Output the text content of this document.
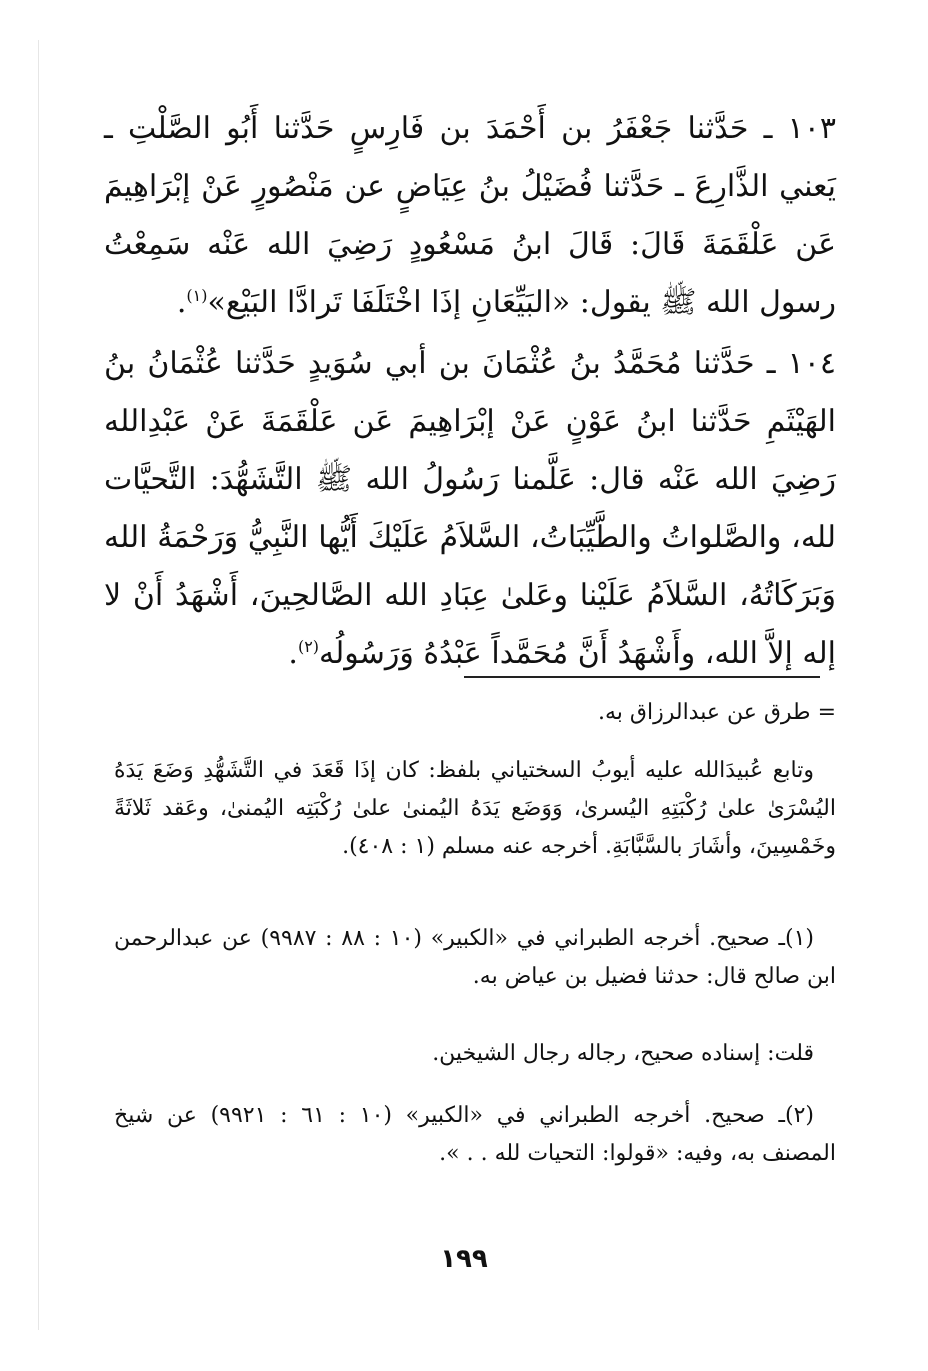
١٠٣ ـ حَدَّثنا جَعْفَرُ بن أَحْمَدَ بن فَارِسٍ حَدَّثنا أَبُو الصَّلْتِ ـ يَعني الذَّارِعَ ـ حَدَّثنا فُضَيْلُ بنُ عِيَاضٍ عن مَنْصُورٍ عَنْ إبْرَاهِيمَ عَن عَلْقَمَةَ قَالَ: قَالَ ابنُ مَسْعُودٍ رَضِيَ الله عَنْه سَمِعْتُ رسول الله ﷺ يقول: «البَيِّعَانِ إذَا اخْتَلَفَا تَرادَّا البَيْع»$^{(١)}$.

١٠٤ ـ حَدَّثنا مُحَمَّدُ بنُ عُثْمَانَ بن أبي سُوَيدٍ حَدَّثنا عُثْمَانُ بنُ الهَيْثَمِ حَدَّثنا ابنُ عَوْنٍ عَنْ إبْرَاهِيمَ عَن عَلْقَمَةَ عَنْ عَبْدِالله رَضِيَ الله عَنْه قال: عَلَّمنا رَسُولُ الله ﷺ التَّشَهُّدَ: التَّحيَّات لله، والصَّلواتُ والطَّيِّبَاتُ، السَّلاَمُ عَلَيْكَ أَيُّها النَّبِيُّ وَرَحْمَةُ الله وَبَرَكَاتُهُ، السَّلاَمُ عَلَيْنا وعَلىٰ عِبَادِ الله الصَّالحِينَ، أَشْهَدُ أَنْ لا إله إلاَّ الله، وأَشْهَدُ أَنَّ مُحَمَّداً عَبْدُهُ وَرَسُولُه$^{(٢)}$.

= طرق عن عبدالرزاق به.

وتابع عُبيدَالله عليه أيوبُ السختياني بلفظ: كان إذَا قَعَدَ في التَّشَهُّدِ وَضَعَ يَدَهُ اليُسْرَىٰ علىٰ رُكْبَتِهِ اليُسرىٰ، وَوَضَع يَدَهُ اليُمنىٰ علىٰ رُكْبَتِه اليُمنىٰ، وعَقد ثَلاثَةً وخَمْسِينَ، وأشَارَ بالسَّبَّابَةِ. أخرجه عنه مسلم (١ : ٤٠٨).

(١)ـ صحيح. أخرجه الطبراني في «الكبير» (١٠ : ٨٨ : ٩٩٨٧) عن عبدالرحمن ابن صالح قال: حدثنا فضيل بن عياض به.

قلت: إسناده صحيح، رجاله رجال الشيخين.

(٢)ـ صحيح. أخرجه الطبراني في «الكبير» (١٠ : ٦١ : ٩٩٢١) عن شيخ المصنف به، وفيه: «قولوا: التحيات لله . . ».

١٩٩
